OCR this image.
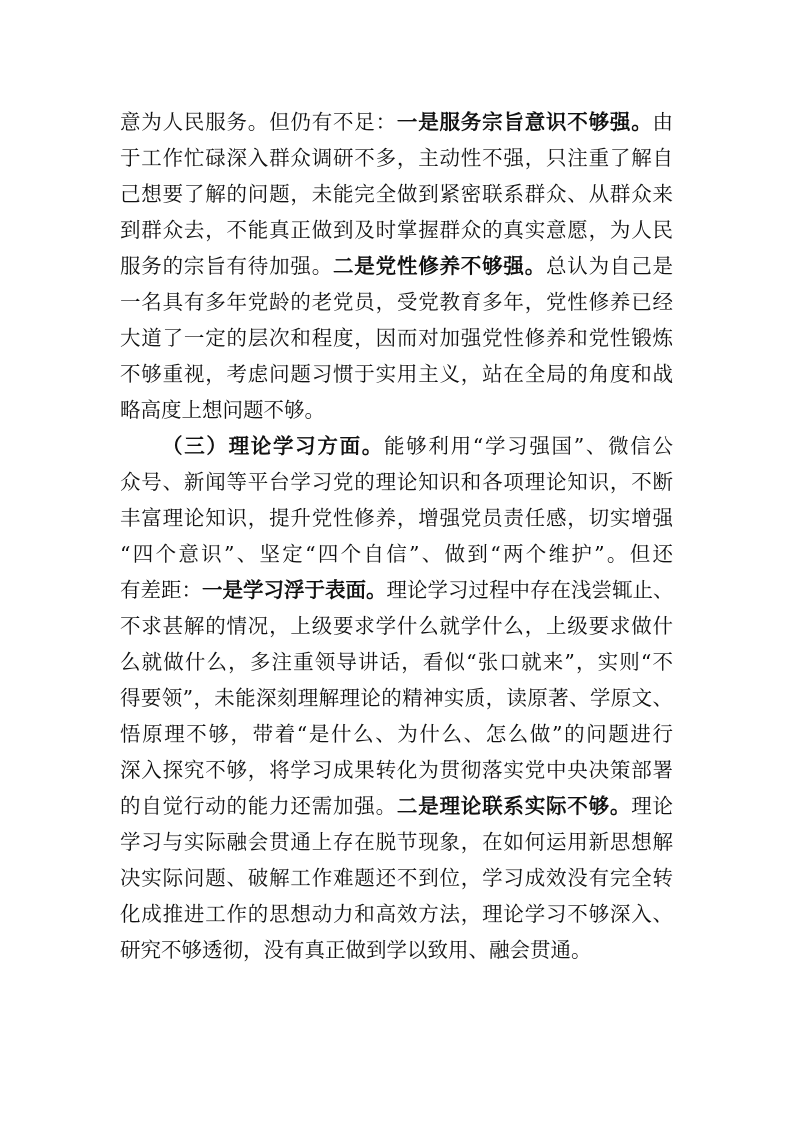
意为人民服务。但仍有不足：一是服务宗旨意识不够强。由
于工作忙碌深入群众调研不多，主动性不强，只注重了解自
己想要了解的问题，未能完全做到紧密联系群众、从群众来
到群众去，不能真正做到及时掌握群众的真实意愿，为人民
服务的宗旨有待加强。二是党性修养不够强。总认为自己是
一名具有多年党龄的老党员，受党教育多年，党性修养已经
大道了一定的层次和程度，因而对加强党性修养和党性锻炼
不够重视，考虑问题习惯于实用主义，站在全局的角度和战
略高度上想问题不够。
（三）理论学习方面。能够利用“学习强国”、微信公
众号、新闻等平台学习党的理论知识和各项理论知识，不断
丰富理论知识，提升党性修养，增强党员责任感，切实增强
“四个意识”、坚定“四个自信”、做到“两个维护”。但还
有差距：一是学习浮于表面。理论学习过程中存在浅尝辄止、
不求甚解的情况，上级要求学什么就学什么，上级要求做什
么就做什么，多注重领导讲话，看似“张口就来”，实则“不
得要领”，未能深刻理解理论的精神实质，读原著、学原文、
悟原理不够，带着“是什么、为什么、怎么做”的问题进行
深入探究不够，将学习成果转化为贯彻落实党中央决策部署
的自觉行动的能力还需加强。二是理论联系实际不够。理论
学习与实际融会贯通上存在脱节现象，在如何运用新思想解
决实际问题、破解工作难题还不到位，学习成效没有完全转
化成推进工作的思想动力和高效方法，理论学习不够深入、
研究不够透彻，没有真正做到学以致用、融会贯通。
